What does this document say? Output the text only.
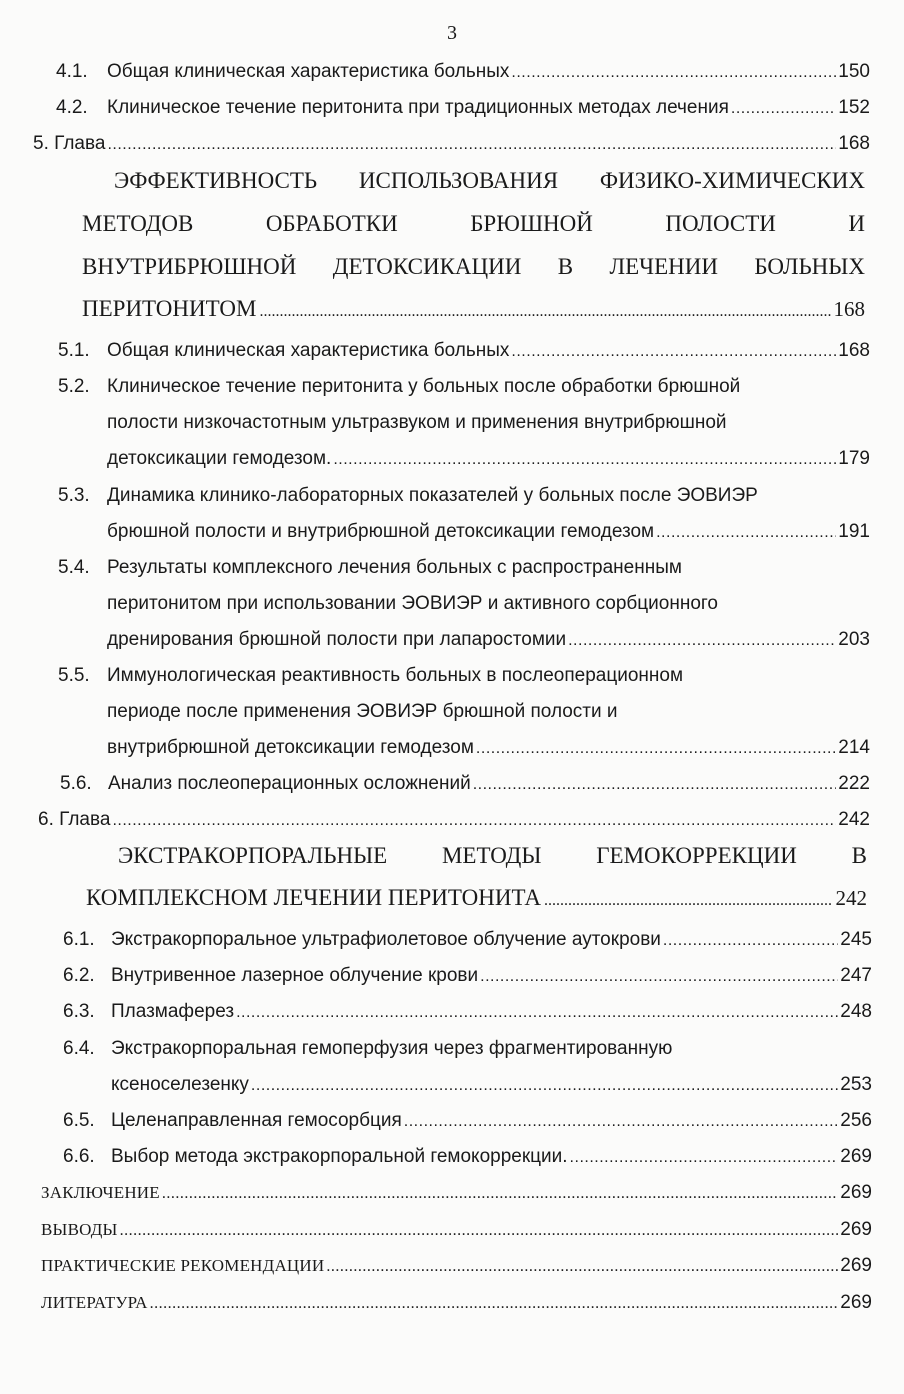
3
4.1. Общая клиническая характеристика больных .....	150
4.2. Клиническое течение перитонита при традиционных методах лечения .....	152
5. Глава .....	168
ЭФФЕКТИВНОСТЬ ИСПОЛЬЗОВАНИЯ ФИЗИКО-ХИМИЧЕСКИХ
МЕТОДОВ	ОБРАБОТКИ	БРЮШНОЙ	ПОЛОСТИ	И
ВНУТРИБРЮШНОЙ ДЕТОКСИКАЦИИ В ЛЕЧЕНИИ БОЛЬНЫХ
ПЕРИТОНИТОМ .....	168
5.1. Общая клиническая характеристика больных .....	168
5.2. Клиническое течение перитонита у больных после обработки брюшной
полости низкочастотным ультразвуком и применения внутрибрюшной
детоксикации гемодезом. .....	179
5.3. Динамика клинико-лабораторных показателей у больных после ЭОВИЭР
брюшной полости и внутрибрюшной детоксикации гемодезом .....	191
5.4. Результаты комплексного лечения больных с распространенным
перитонитом при использовании ЭОВИЭР и активного сорбционного
дренирования брюшной полости при лапаростомии .....	203
5.5. Иммунологическая реактивность больных в послеоперационном
периоде после применения ЭОВИЭР брюшной полости и
внутрибрюшной детоксикации гемодезом .....	214
5.6. Анализ послеоперационных осложнений .....	222
6. Глава .....	242
ЭКСТРАКОРПОРАЛЬНЫЕ МЕТОДЫ ГЕМОКОРРЕКЦИИ В
КОМПЛЕКСНОМ ЛЕЧЕНИИ ПЕРИТОНИТА .....	242
6.1. Экстракорпоральное ультрафиолетовое облучение аутокрови .....	245
6.2. Внутривенное лазерное облучение крови .....	247
6.3. Плазмаферез .....	248
6.4. Экстракорпоральная гемоперфузия через фрагментированную
ксеноселезенку .....	253
6.5. Целенаправленная гемосорбция .....	256
6.6. Выбор метода экстракорпоральной гемокоррекции. .....	269
ЗАКЛЮЧЕНИЕ .....	269
ВЫВОДЫ .....	269
ПРАКТИЧЕСКИЕ РЕКОМЕНДАЦИИ .....	269
ЛИТЕРАТУРА .....	269
